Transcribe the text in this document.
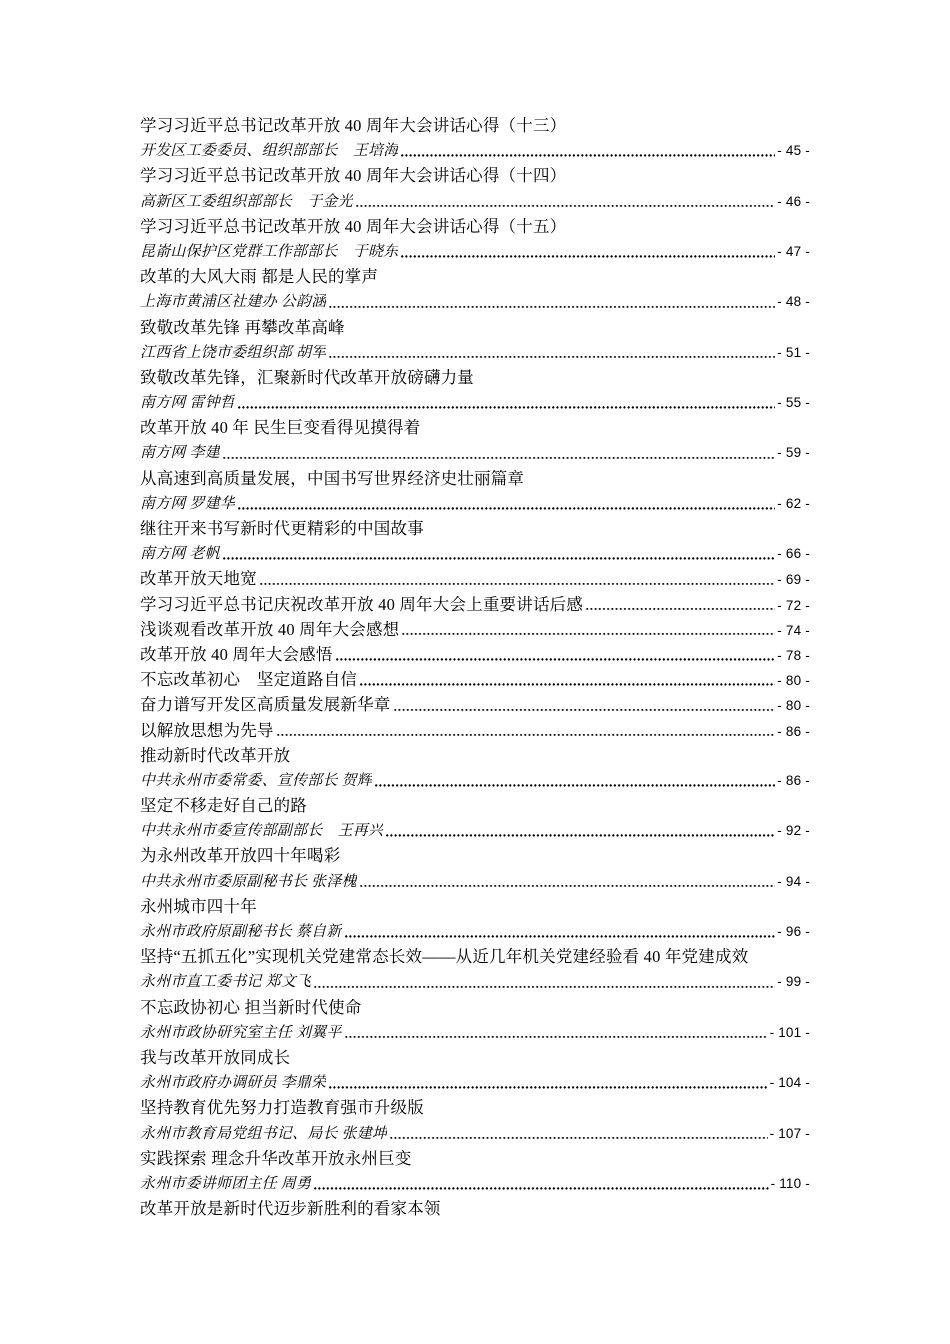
学习习近平总书记改革开放 40 周年大会讲话心得（十三）
开发区工委委员、组织部部长　王培海	- 45 -
学习习近平总书记改革开放 40 周年大会讲话心得（十四）
高新区工委组织部部长　于金光	- 46 -
学习习近平总书记改革开放 40 周年大会讲话心得（十五）
昆嵛山保护区党群工作部部长　于晓东	- 47 -
改革的大风大雨 都是人民的掌声
上海市黄浦区社建办 公韵涵	- 48 -
致敬改革先锋 再攀改革高峰
江西省上饶市委组织部 胡军	- 51 -
致敬改革先锋，汇聚新时代改革开放磅礴力量
南方网 雷钟哲	- 55 -
改革开放 40 年 民生巨变看得见摸得着
南方网 李建	- 59 -
从高速到高质量发展，中国书写世界经济史壮丽篇章
南方网 罗建华	- 62 -
继往开来书写新时代更精彩的中国故事
南方网 老帆	- 66 -
改革开放天地宽	- 69 -
学习习近平总书记庆祝改革开放 40 周年大会上重要讲话后感	- 72 -
浅谈观看改革开放 40 周年大会感想	- 74 -
改革开放 40 周年大会感悟	- 78 -
不忘改革初心　坚定道路自信	- 80 -
奋力谱写开发区高质量发展新华章	- 80 -
以解放思想为先导	- 86 -
推动新时代改革开放
中共永州市委常委、宣传部长 贺辉	- 86 -
坚定不移走好自己的路
中共永州市委宣传部副部长　王再兴	- 92 -
为永州改革开放四十年喝彩
中共永州市委原副秘书长 张泽槐	- 94 -
永州城市四十年
永州市政府原副秘书长 蔡自新	- 96 -
坚持“五抓五化”实现机关党建常态长效——从近几年机关党建经验看 40 年党建成效
永州市直工委书记 郑文飞	- 99 -
不忘政协初心 担当新时代使命
永州市政协研究室主任 刘翼平	- 101 -
我与改革开放同成长
永州市政府办调研员 李鼎荣	- 104 -
坚持教育优先努力打造教育强市升级版
永州市教育局党组书记、局长 张建坤	- 107 -
实践探索 理念升华改革开放永州巨变
永州市委讲师团主任 周勇	- 110 -
改革开放是新时代迈步新胜利的看家本领
